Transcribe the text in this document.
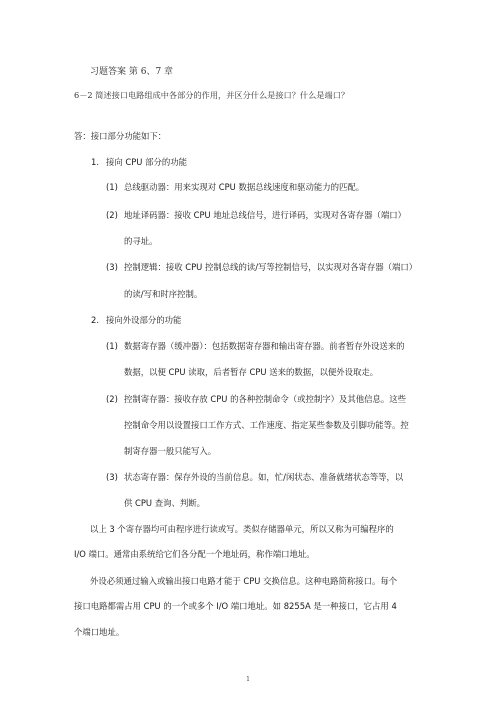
习题答案 第 6、7 章
6－2 简述接口电路组成中各部分的作用，并区分什么是接口？什么是端口？
答：接口部分功能如下：
1. 接向 CPU 部分的功能
(1) 总线驱动器：用来实现对 CPU 数据总线速度和驱动能力的匹配。
(2) 地址译码器：接收 CPU 地址总线信号，进行译码，实现对各寄存器（端口）
的寻址。
(3) 控制逻辑：接收 CPU 控制总线的读/写等控制信号，以实现对各寄存器（端口）
的读/写和时序控制。
2. 接向外设部分的功能
(1) 数据寄存器（缓冲器）：包括数据寄存器和输出寄存器。前者暂存外设送来的
数据，以便 CPU 读取，后者暂存 CPU 送来的数据，以便外设取走。
(2) 控制寄存器：接收存放 CPU 的各种控制命令（或控制字）及其他信息。这些
控制命令用以设置接口工作方式、工作速度、指定某些参数及引脚功能等。控
制寄存器一般只能写入。
(3) 状态寄存器：保存外设的当前信息。如，忙/闲状态、准备就绪状态等等，以
供 CPU 查询、判断。
以上 3 个寄存器均可由程序进行读或写。类似存储器单元，所以又称为可编程序的
I/O 端口。通常由系统给它们各分配一个地址码，称作端口地址。
外设必须通过输入或输出接口电路才能于 CPU 交换信息。这种电路简称接口。每个
接口电路都需占用 CPU 的一个或多个 I/O 端口地址。如 8255A 是一种接口，它占用 4
个端口地址。
1
